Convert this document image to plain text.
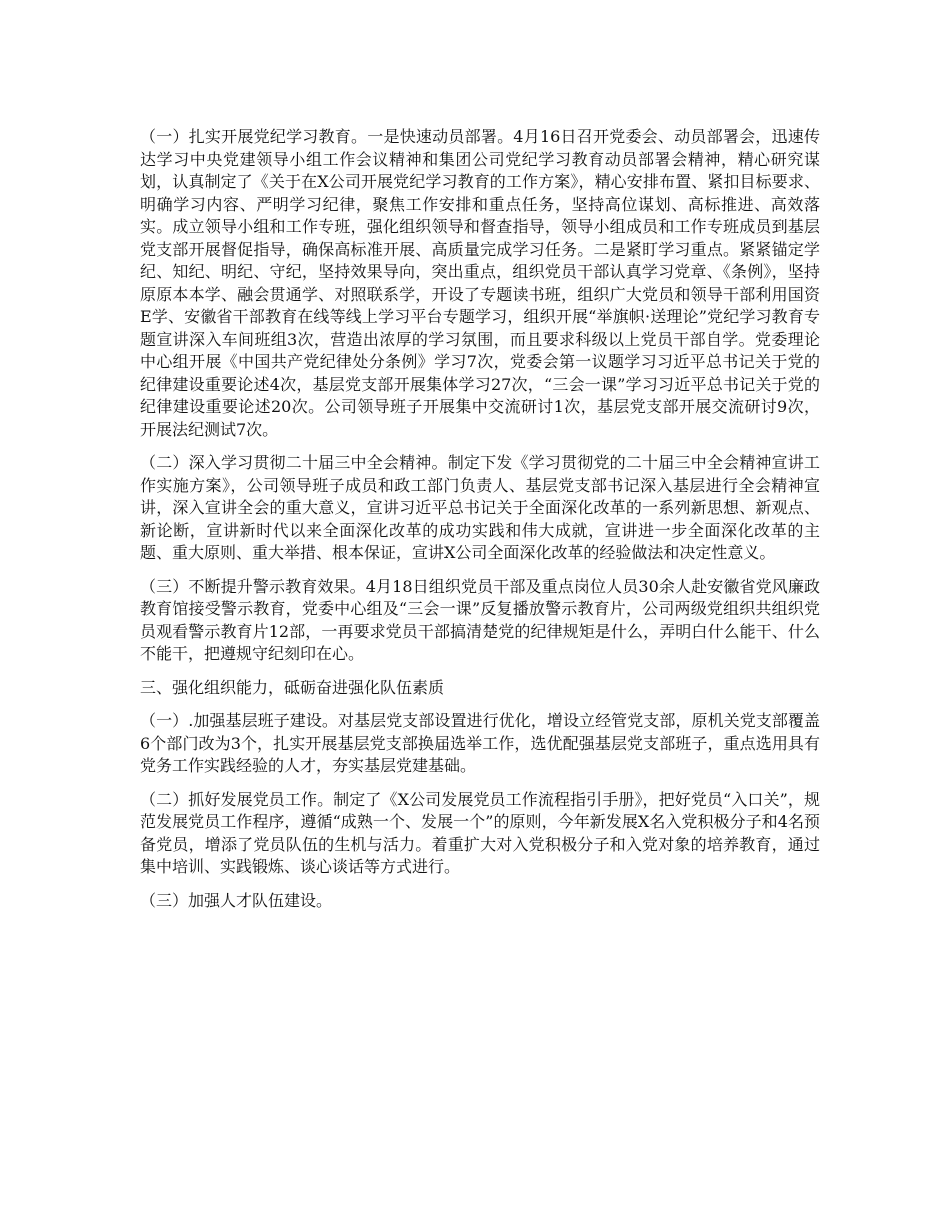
（一）扎实开展党纪学习教育。一是快速动员部署。4月16日召开党委会、动员部署会，迅速传达学习中央党建领导小组工作会议精神和集团公司党纪学习教育动员部署会精神，精心研究谋划，认真制定了《关于在X公司开展党纪学习教育的工作方案》，精心安排布置、紧扣目标要求、明确学习内容、严明学习纪律，聚焦工作安排和重点任务，坚持高位谋划、高标推进、高效落实。成立领导小组和工作专班，强化组织领导和督查指导，领导小组成员和工作专班成员到基层党支部开展督促指导，确保高标准开展、高质量完成学习任务。二是紧盯学习重点。紧紧锚定学纪、知纪、明纪、守纪，坚持效果导向，突出重点，组织党员干部认真学习党章、《条例》，坚持原原本本学、融会贯通学、对照联系学，开设了专题读书班，组织广大党员和领导干部利用国资E学、安徽省干部教育在线等线上学习平台专题学习，组织开展“举旗帜·送理论”党纪学习教育专题宣讲深入车间班组3次，营造出浓厚的学习氛围，而且要求科级以上党员干部自学。党委理论中心组开展《中国共产党纪律处分条例》学习7次，党委会第一议题学习习近平总书记关于党的纪律建设重要论述4次，基层党支部开展集体学习27次，“三会一课”学习习近平总书记关于党的纪律建设重要论述20次。公司领导班子开展集中交流研讨1次，基层党支部开展交流研讨9次，开展法纪测试7次。

（二）深入学习贯彻二十届三中全会精神。制定下发《学习贯彻党的二十届三中全会精神宣讲工作实施方案》，公司领导班子成员和政工部门负责人、基层党支部书记深入基层进行全会精神宣讲，深入宣讲全会的重大意义，宣讲习近平总书记关于全面深化改革的一系列新思想、新观点、新论断，宣讲新时代以来全面深化改革的成功实践和伟大成就，宣讲进一步全面深化改革的主题、重大原则、重大举措、根本保证，宣讲X公司全面深化改革的经验做法和决定性意义。

（三）不断提升警示教育效果。4月18日组织党员干部及重点岗位人员30余人赴安徽省党风廉政教育馆接受警示教育，党委中心组及“三会一课”反复播放警示教育片，公司两级党组织共组织党员观看警示教育片12部，一再要求党员干部搞清楚党的纪律规矩是什么，弄明白什么能干、什么不能干，把遵规守纪刻印在心。

三、强化组织能力，砥砺奋进强化队伍素质

（一）.加强基层班子建设。对基层党支部设置进行优化，增设立经管党支部，原机关党支部覆盖6个部门改为3个，扎实开展基层党支部换届选举工作，选优配强基层党支部班子，重点选用具有党务工作实践经验的人才，夯实基层党建基础。

（二）抓好发展党员工作。制定了《X公司发展党员工作流程指引手册》，把好党员“入口关”，规范发展党员工作程序，遵循“成熟一个、发展一个”的原则，今年新发展X名入党积极分子和4名预备党员，增添了党员队伍的生机与活力。着重扩大对入党积极分子和入党对象的培养教育，通过集中培训、实践锻炼、谈心谈话等方式进行。

（三）加强人才队伍建设。
